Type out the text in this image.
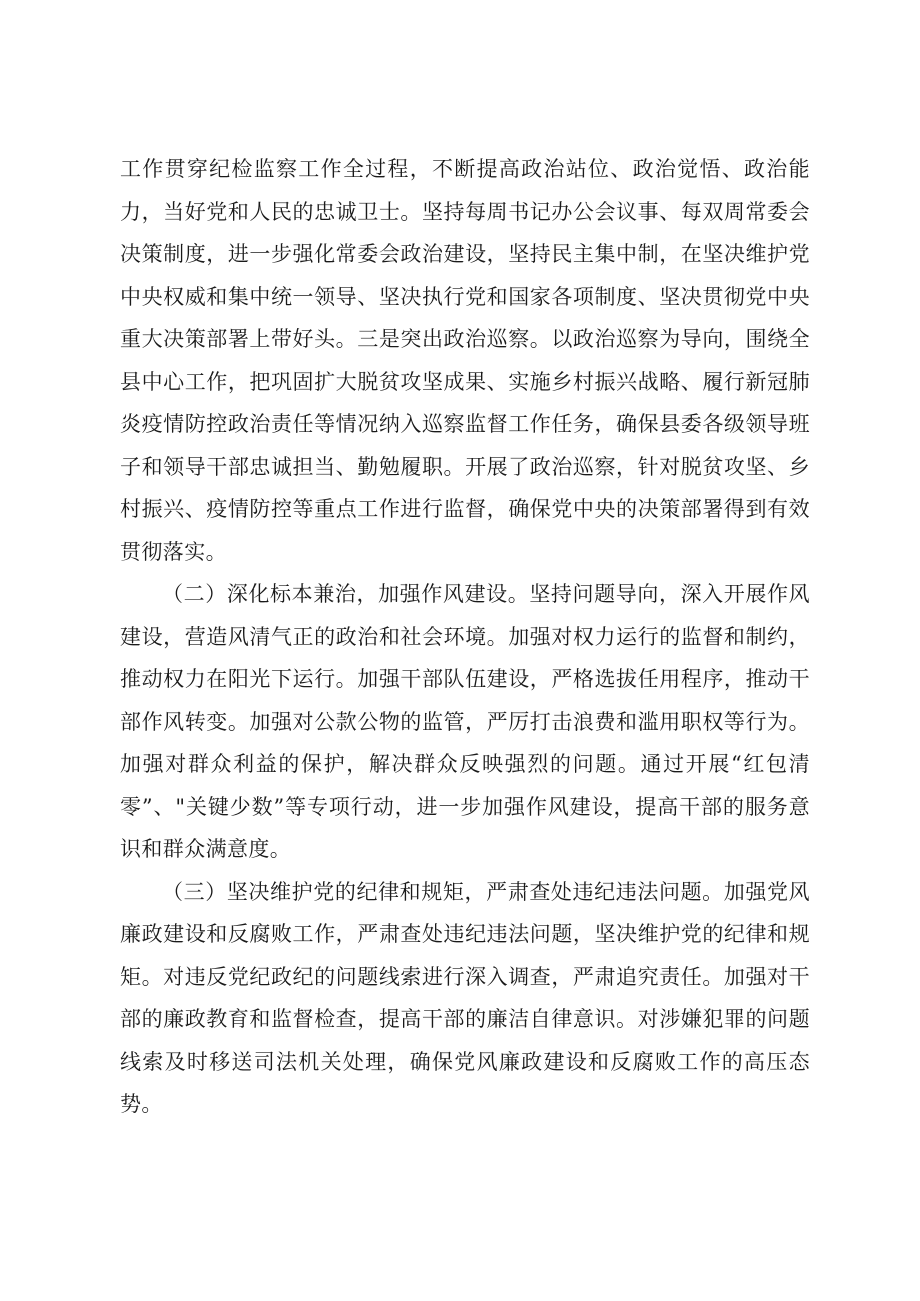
工作贯穿纪检监察工作全过程，不断提高政治站位、政治觉悟、政治能力，当好党和人民的忠诚卫士。坚持每周书记办公会议事、每双周常委会决策制度，进一步强化常委会政治建设，坚持民主集中制，在坚决维护党中央权威和集中统一领导、坚决执行党和国家各项制度、坚决贯彻党中央重大决策部署上带好头。三是突出政治巡察。以政治巡察为导向，围绕全县中心工作，把巩固扩大脱贫攻坚成果、实施乡村振兴战略、履行新冠肺炎疫情防控政治责任等情况纳入巡察监督工作任务，确保县委各级领导班子和领导干部忠诚担当、勤勉履职。开展了政治巡察，针对脱贫攻坚、乡村振兴、疫情防控等重点工作进行监督，确保党中央的决策部署得到有效贯彻落实。

（二）深化标本兼治，加强作风建设。坚持问题导向，深入开展作风建设，营造风清气正的政治和社会环境。加强对权力运行的监督和制约，推动权力在阳光下运行。加强干部队伍建设，严格选拔任用程序，推动干部作风转变。加强对公款公物的监管，严厉打击浪费和滥用职权等行为。加强对群众利益的保护，解决群众反映强烈的问题。通过开展“红包清零”、"关键少数”等专项行动，进一步加强作风建设，提高干部的服务意识和群众满意度。

（三）坚决维护党的纪律和规矩，严肃查处违纪违法问题。加强党风廉政建设和反腐败工作，严肃查处违纪违法问题，坚决维护党的纪律和规矩。对违反党纪政纪的问题线索进行深入调查，严肃追究责任。加强对干部的廉政教育和监督检查，提高干部的廉洁自律意识。对涉嫌犯罪的问题线索及时移送司法机关处理，确保党风廉政建设和反腐败工作的高压态势。
